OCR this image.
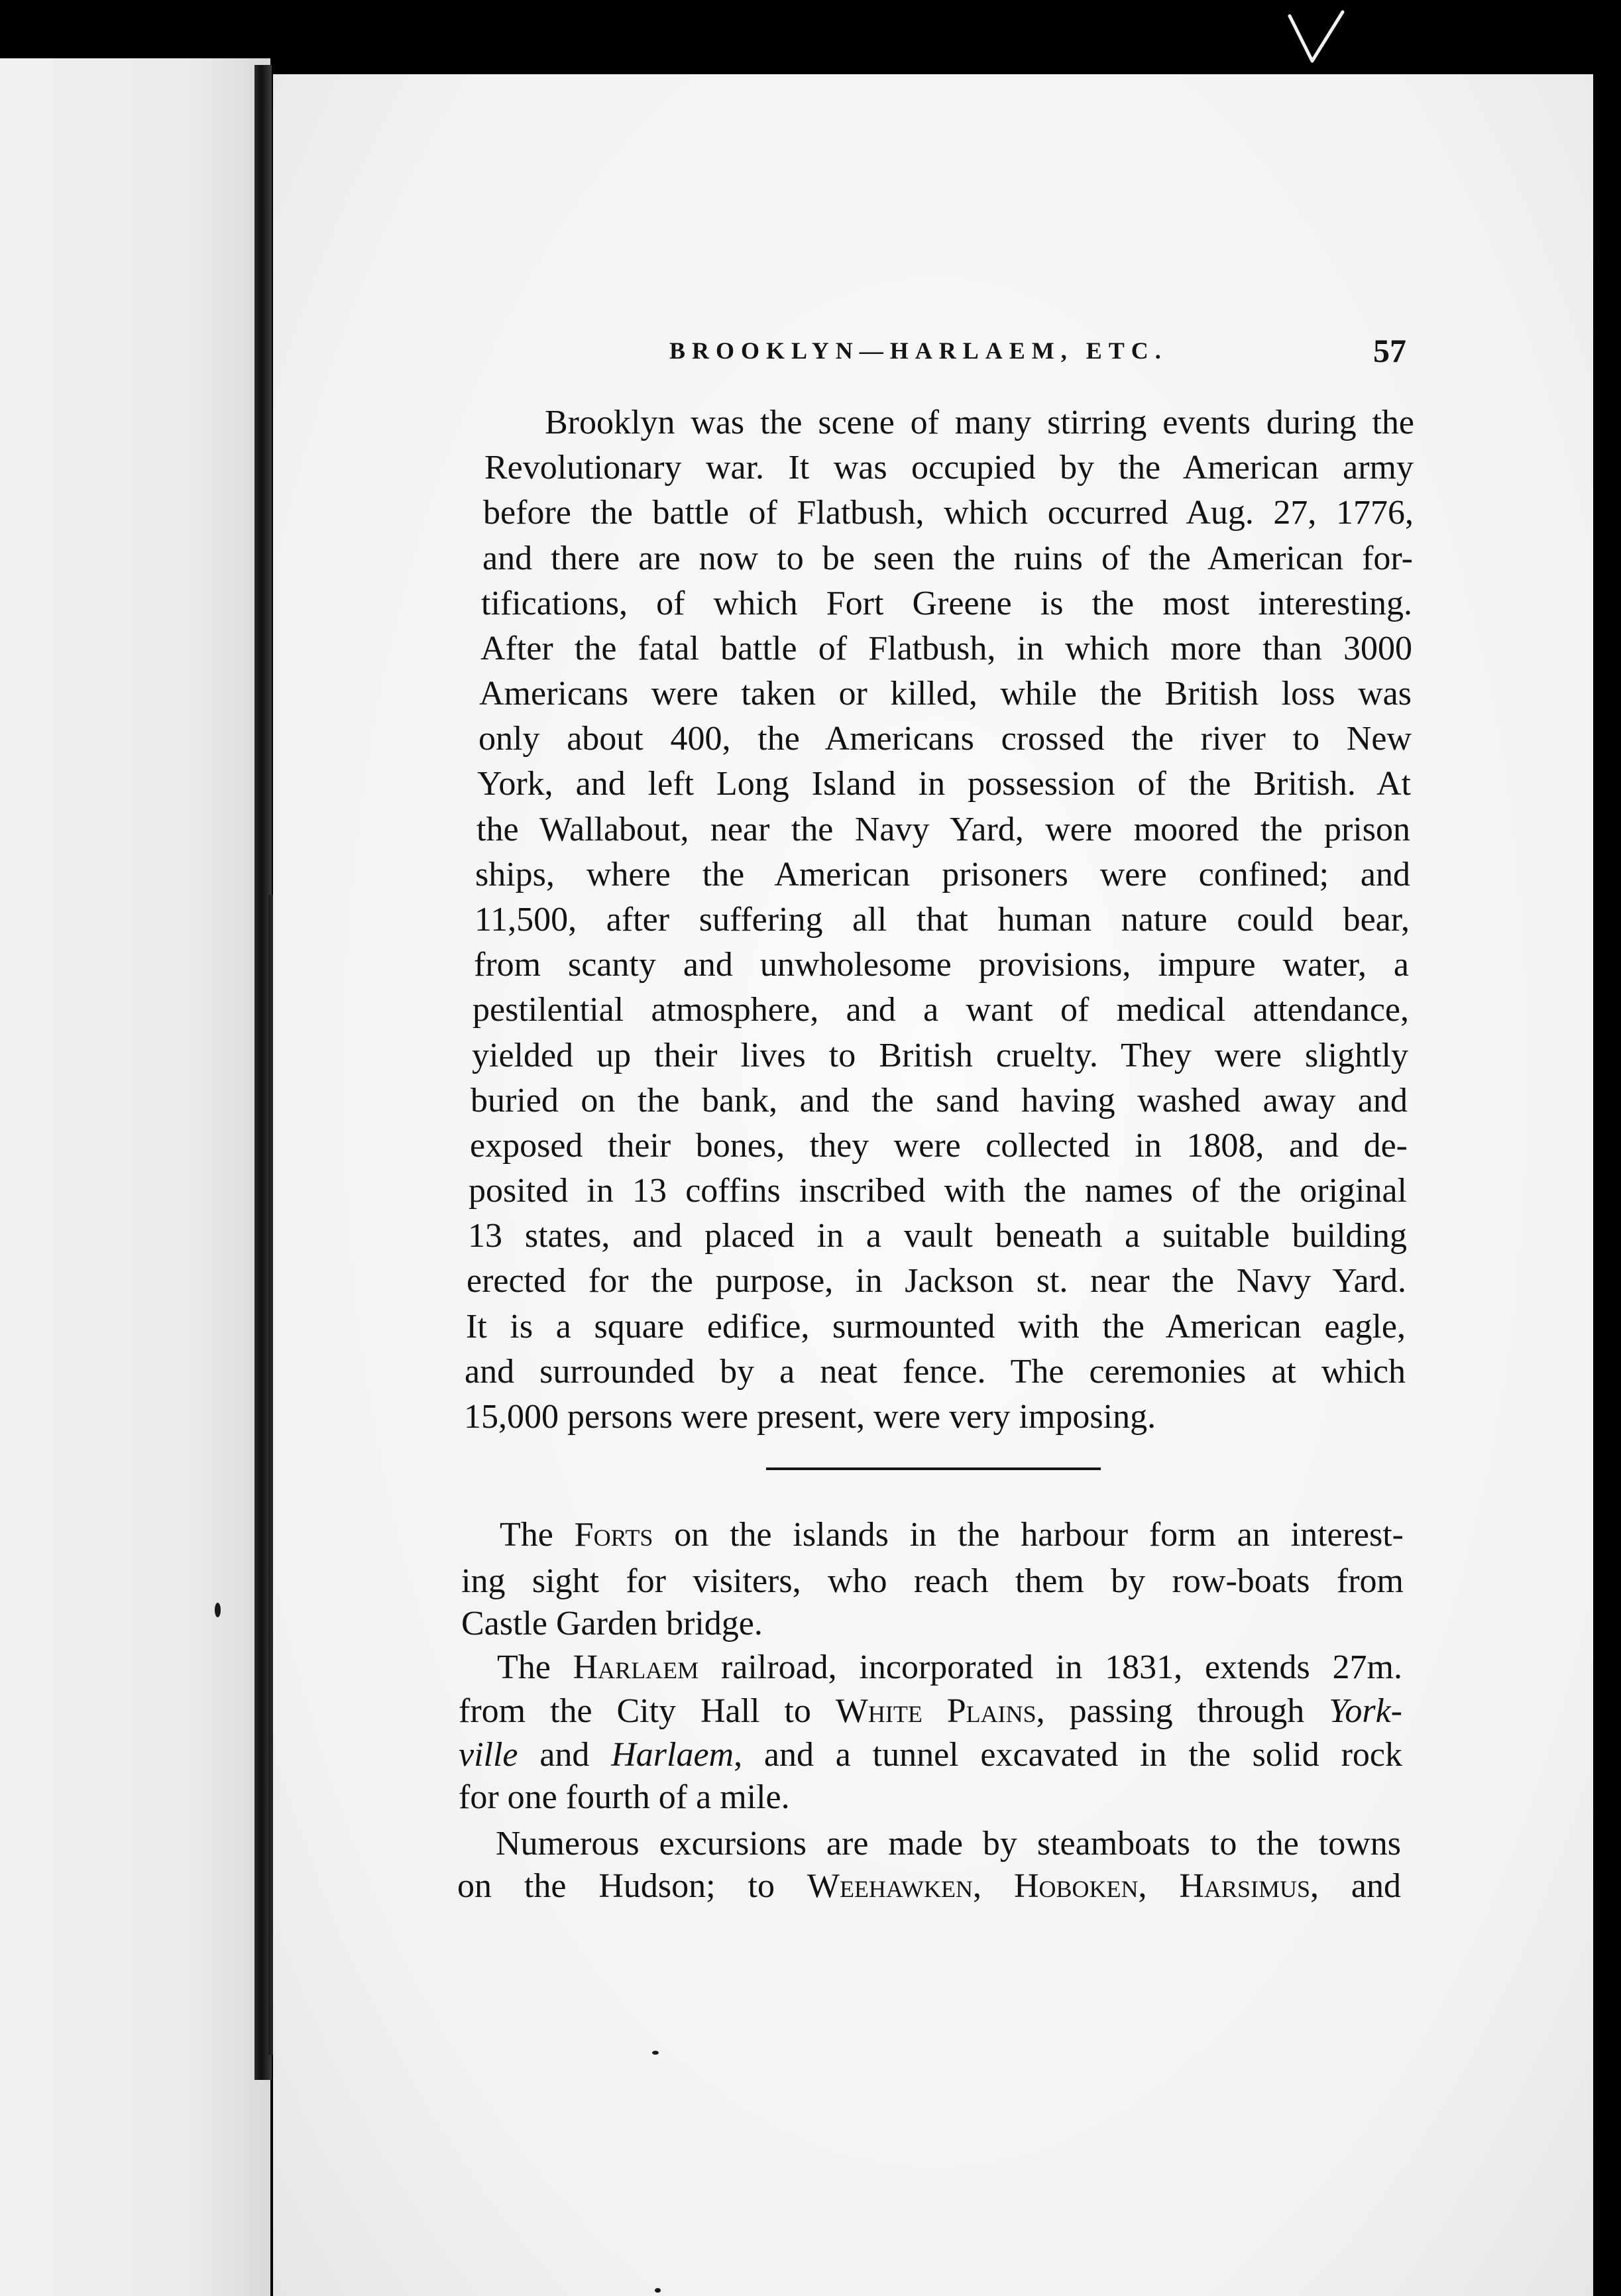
BROOKLYN—HARLAEM, ETC.	57
Brooklyn was the scene of many stirring events during the
Revolutionary war. It was occupied by the American army
before the battle of Flatbush, which occurred Aug. 27, 1776,
and there are now to be seen the ruins of the American for-
tifications, of which Fort Greene is the most interesting.
After the fatal battle of Flatbush, in which more than 3000
Americans were taken or killed, while the British loss was
only about 400, the Americans crossed the river to New
York, and left Long Island in possession of the British. At
the Wallabout, near the Navy Yard, were moored the prison
ships, where the American prisoners were confined; and
11,500, after suffering all that human nature could bear,
from scanty and unwholesome provisions, impure water, a
pestilential atmosphere, and a want of medical attendance,
yielded up their lives to British cruelty. They were slightly
buried on the bank, and the sand having washed away and
exposed their bones, they were collected in 1808, and de-
posited in 13 coffins inscribed with the names of the original
13 states, and placed in a vault beneath a suitable building
erected for the purpose, in Jackson st. near the Navy Yard.
It is a square edifice, surmounted with the American eagle,
and surrounded by a neat fence. The ceremonies at which
15,000 persons were present, were very imposing.
The Forts on the islands in the harbour form an interest-
ing sight for visiters, who reach them by row-boats from
Castle Garden bridge.
The Harlaem railroad, incorporated in 1831, extends 27m.
from the City Hall to White Plains, passing through York-
ville and Harlaem, and a tunnel excavated in the solid rock
for one fourth of a mile.
Numerous excursions are made by steamboats to the towns
on the Hudson; to Weehawken, Hoboken, Harsimus, and
